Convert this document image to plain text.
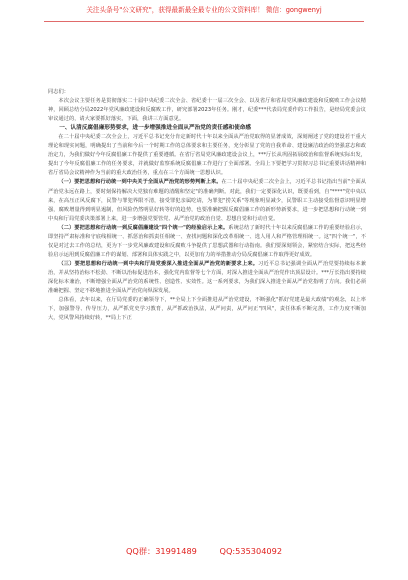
关注头条号"公文研究"，获得最新最全最专业的公文资料库！ 微信：gongwenyj

同志们：

本次会议主要任务是贯彻落实二十届中央纪委二次全会、省纪委十一届三次全会、以及省厅和省局党风廉政建设和反腐败工作会议精神，回顾总结分局2022年党风廉政建设和反腐败工作，研究部署2023年任务。刚才，纪委***代表局党委作的工作报告，是经局党委会议审议通过的，请大家要抓好落实。下面，我讲三方面意见。

一、认清反腐倡廉形势要求，进一步增强推进全面从严治党的责任感和使命感

在二十届中央纪委二次全会上，习近平总书记充分肯定新时代十年以来全面从严治党取得的显著成效，深刻阐述了党的建设若干重大理论和现实问题，明确提出了当前和今后一个时期工作的总体要求和主要任务，充分彰显了党的自我革命、建设廉洁政治的坚强意志和政治定力，为我们做好今年反腐倡廉工作提供了重要遵循。在省厅省局党风廉政建设会议上，***厅长从巩固拓展政治和监督系统实际出发，提出了今年反腐倡廉工作的任务要求，并就做好监察系统反腐倡廉工作进行了全面部署。全局上下要把学习贯彻习总书记重要讲话精神和省厅省局会议精神作为当前的重大政治任务，重点在三个方面统一思想认识。

（一）要把思想和行动统一到中央关于全面从严治党的形势判断上来。在二十届中央纪委二次全会上，习近平总书记指出当前"全面从严治党永远在路上，要时刻保持解决大党独有难题的清醒和坚定"的准确判断。对此，我们一定要深化认识，既要看到，自"****"党中央以来，在高压正风反腐下，民警与罪犯界限不清，接受罪犯亲属吃请，为罪犯"捞关系"等现象明显减少，民警职工主动接受监督意识明显增强，腐败增量得到明显遏制，但风险仍然明显好转等好的趋势，也要准确把握反腐倡廉工作的新形势新要求，进一步把思想和行动统一到中央和厅局党委决策部署上来，进一步增强党要管党、从严治党的政治自觉、思想自觉和行动自觉。

（二）要把思想和行动统一到反腐倡廉建设"四个统一"的经验启示上来。系统总结了新时代十年以来反腐倡廉工作的重要经验启示，即坚持严肃标准和守底线相统一、抓惩治和抓责任相统一、查找问题和深化改革相统一、选人用人和严格管理相统一。这"四个统一"，不仅是对过去工作的总结，更为下一步党风廉政建设和反腐败斗争提供了思想武器和行动指南。我们要深刻领会，紧密结合实际，把这些经验启示运用到反腐倡廉工作的谋划、部署和具体实践之中，以更加有力的举措推动分局反腐倡廉工作取得更好成效。

（三）要把思想和行动统一到中央和厅局党委深入推进全面从严治党的新要求上来。习近平总书记强调全面从严治党要持续标本兼治，并从坚持治标不松劲、不断以治标促进治本，强化党内监督等七个方面，对深入推进全面从严治党作出顶层设计。***厅长指出要持续深化标本兼治，不断增强全面从严治党的系统性、创造性、实效性。这一系列要求，为我们深入推进全面从严治党指明了方向。我们必须准确把握、坚定不移地推进全面从严治党向纵深发展。

总体看，去年以来，在厅局党委的正确领导下，**全局上下全面推进从严治党建设，不断强化"抓好党建是最大政绩"的观念，以上率下，加强警导、传导压力，从严抓党史学习教育，从严抓政治执法，从严问责，从严问正"四风"，责任体系不断完善，工作力度不断加大，党风警风持续好转，**局上下正

QQ群：31991489	QQ:535304092
